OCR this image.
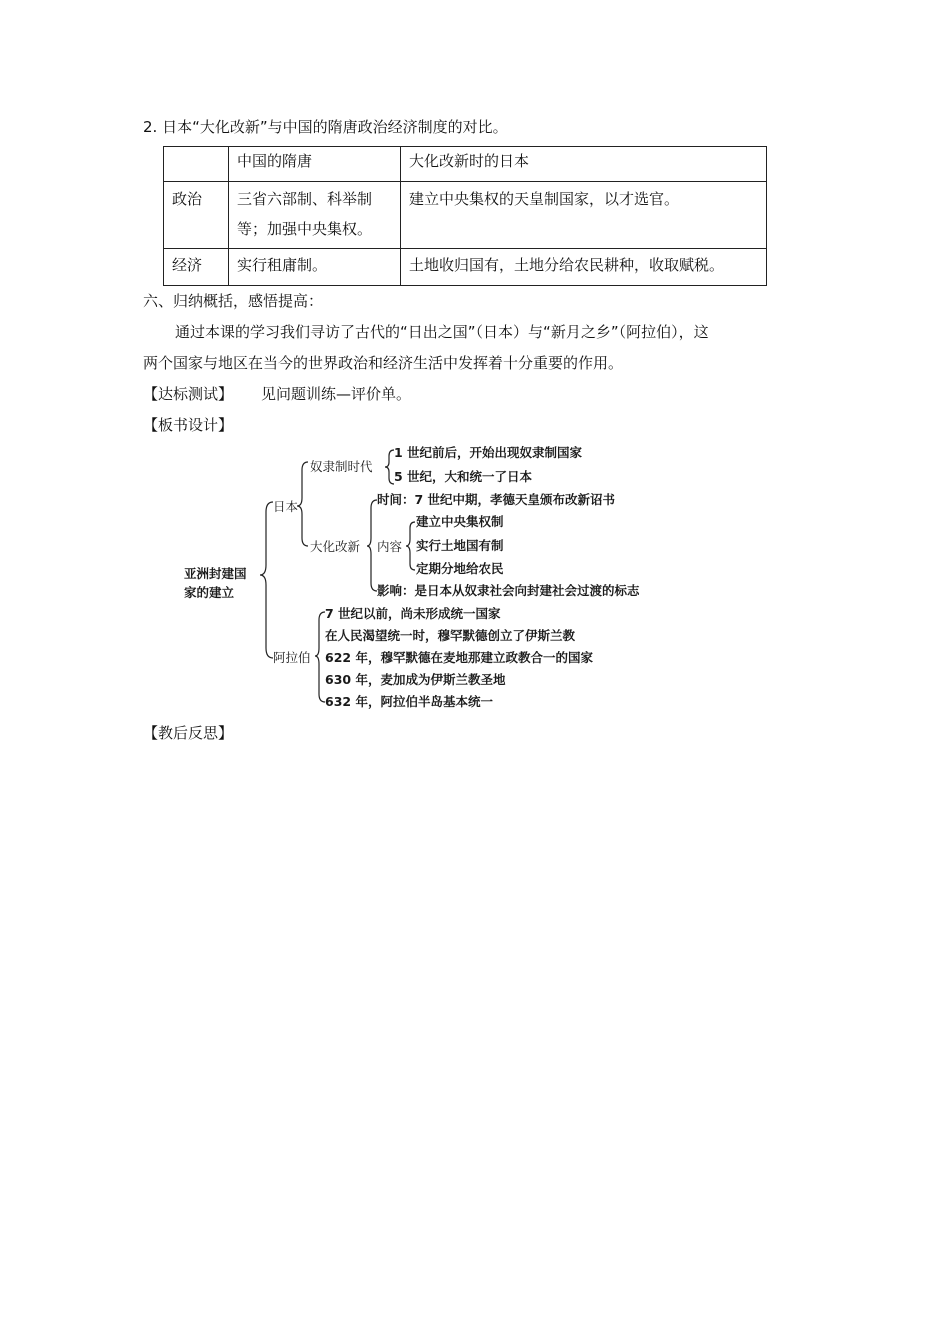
2. 日本“大化改新”与中国的隋唐政治经济制度的对比。
	中国的隋唐	大化改新时的日本
政治	三省六部制、科举制等；加强中央集权。	建立中央集权的天皇制国家，以才选官。
经济	实行租庸制。	土地收归国有，土地分给农民耕种，收取赋税。
六、归纳概括，感悟提高：
通过本课的学习我们寻访了古代的“日出之国”（日本）与“新月之乡”（阿拉伯），这
两个国家与地区在当今的世界政治和经济生活中发挥着十分重要的作用。
【达标测试】 见问题训练—评价单。
【板书设计】
亚洲封建国
家的建立
日本
奴隶制时代
1 世纪前后，开始出现奴隶制国家
5 世纪，大和统一了日本
大化改新
时间：7 世纪中期，孝德天皇颁布改新诏书
内容
建立中央集权制
实行土地国有制
定期分地给农民
影响：是日本从奴隶社会向封建社会过渡的标志
阿拉伯
7 世纪以前，尚未形成统一国家
在人民渴望统一时，穆罕默德创立了伊斯兰教
622 年，穆罕默德在麦地那建立政教合一的国家
630 年，麦加成为伊斯兰教圣地
632 年，阿拉伯半岛基本统一
【教后反思】
